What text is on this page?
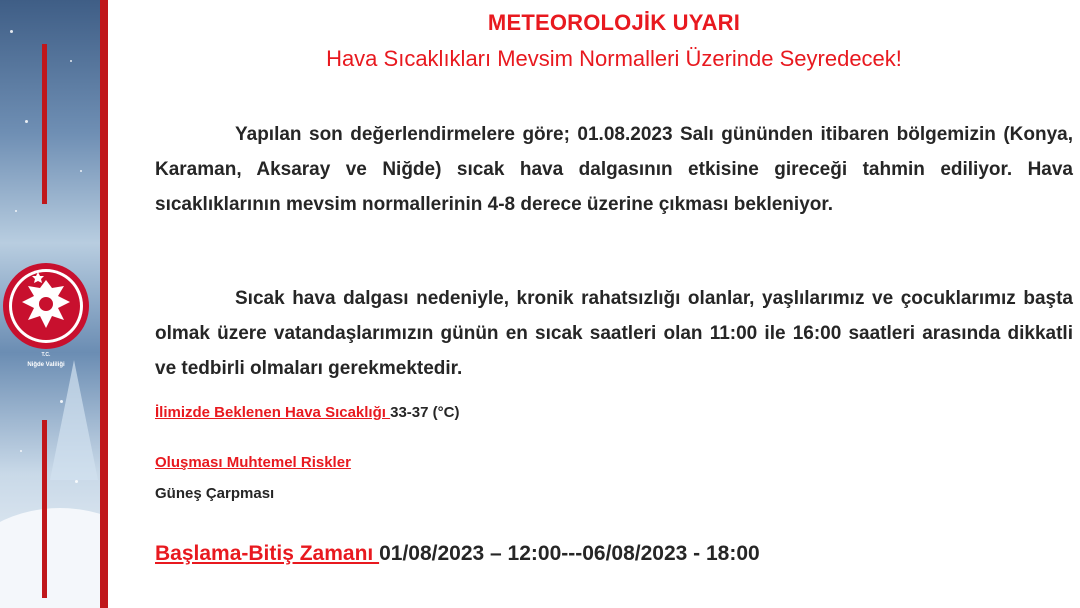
T.C.
Niğde Valiliği
METEOROLOJİK UYARI
Hava Sıcaklıkları Mevsim Normalleri Üzerinde Seyredecek!

Yapılan son değerlendirmelere göre; 01.08.2023 Salı gününden itibaren bölgemizin (Konya, Karaman, Aksaray ve Niğde) sıcak hava dalgasının etkisine gireceği tahmin ediliyor. Hava sıcaklıklarının mevsim normallerinin 4-8 derece üzerine çıkması bekleniyor.

Sıcak hava dalgası nedeniyle, kronik rahatsızlığı olanlar, yaşlılarımız ve çocuklarımız başta olmak üzere vatandaşlarımızın günün en sıcak saatleri olan 11:00 ile 16:00 saatleri arasında dikkatli ve tedbirli olmaları gerekmektedir.

İlimizde Beklenen Hava Sıcaklığı 33-37 (°C)
Oluşması Muhtemel Riskler
Güneş Çarpması
Başlama-Bitiş Zamanı 01/08/2023 – 12:00---06/08/2023 - 18:00
